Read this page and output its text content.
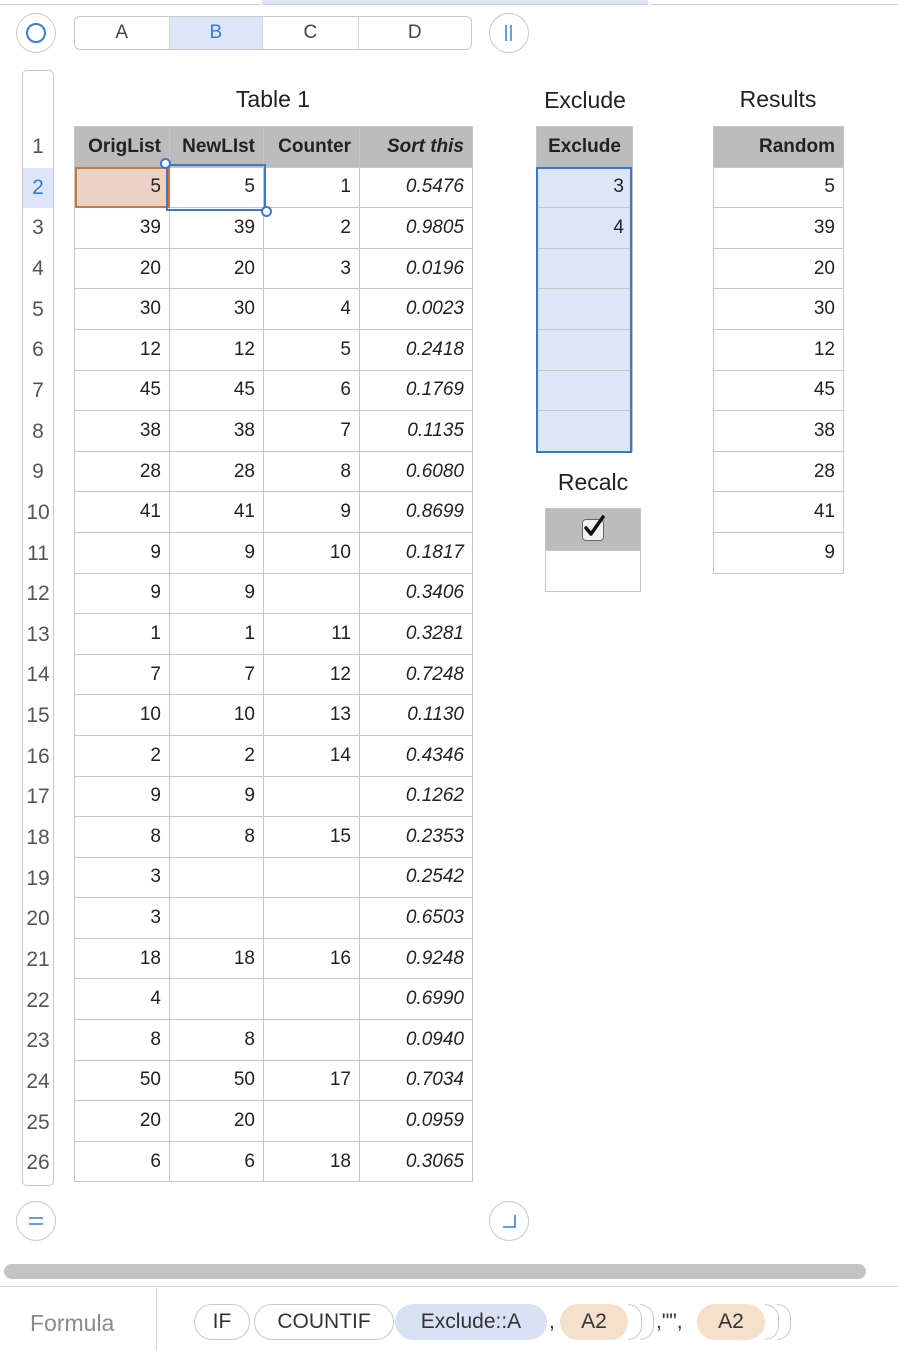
A	B	C	D
1
2
3
4
5
6
7
8
9
10
11
12
13
14
15
16
17
18
19
20
21
22
23
24
25
26
Table 1
OrigList	NewLIst	Counter	Sort this
5	5	1	0.5476
39	39	2	0.9805
20	20	3	0.0196
30	30	4	0.0023
12	12	5	0.2418
45	45	6	0.1769
38	38	7	0.1135
28	28	8	0.6080
41	41	9	0.8699
9	9	10	0.1817
9	9		0.3406
1	1	11	0.3281
7	7	12	0.7248
10	10	13	0.1130
2	2	14	0.4346
9	9		0.1262
8	8	15	0.2353
3			0.2542
3			0.6503
18	18	16	0.9248
4			0.6990
8	8		0.0940
50	50	17	0.7034
20	20		0.0959
6	6	18	0.3065
Exclude
Exclude
3
4

Recalc
Results
Random
5
39
20
30
12
45
38
28
41
9
Formula	IF COUNTIF Exclude::A , A2 ,"", A2
